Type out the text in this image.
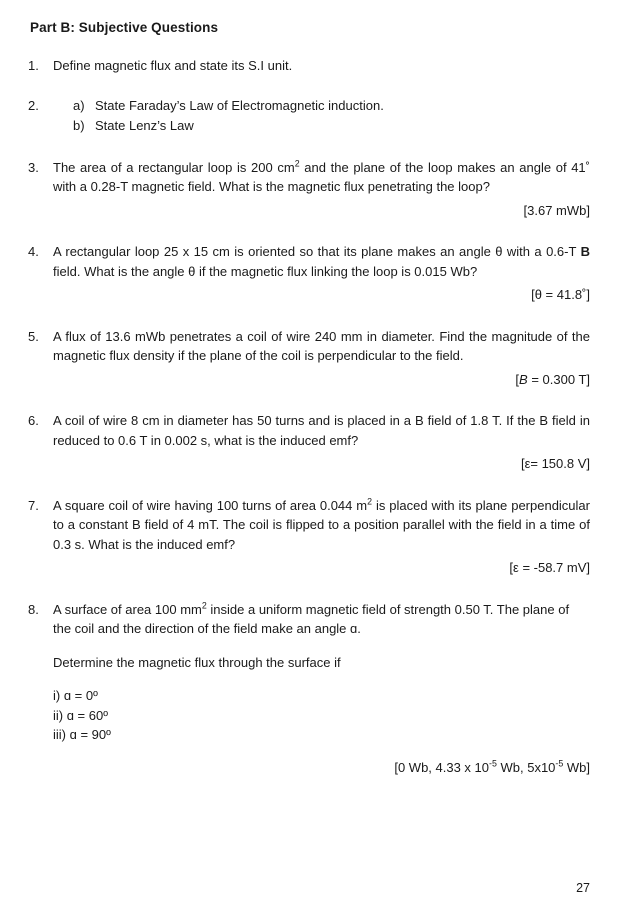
Part B: Subjective Questions
1. Define magnetic flux and state its S.I unit.
2.	a) State Faraday’s Law of Electromagnetic induction.
b) State Lenz’s Law
3. The area of a rectangular loop is 200 $cm^2$ and the plane of the loop makes an angle of 41˚ with a 0.28-T magnetic field. What is the magnetic flux penetrating the loop?
[3.67 mWb]
4. A rectangular loop 25 x 15 cm is oriented so that its plane makes an angle θ with a 0.6-T B field. What is the angle θ if the magnetic flux linking the loop is 0.015 Wb?
[θ = 41.8˚]
5. A flux of 13.6 mWb penetrates a coil of wire 240 mm in diameter. Find the magnitude of the magnetic flux density if the plane of the coil is perpendicular to the field.
[B = 0.300 T]
6. A coil of wire 8 cm in diameter has 50 turns and is placed in a B field of 1.8 T. If the B field in reduced to 0.6 T in 0.002 s, what is the induced emf?
[ε= 150.8 V]
7. A square coil of wire having 100 turns of area 0.044 $m^2$ is placed with its plane perpendicular to a constant B field of 4 mT. The coil is flipped to a position parallel with the field in a time of 0.3 s. What is the induced emf?
[ε = -58.7 mV]
8. A surface of area 100 $mm^2$ inside a uniform magnetic field of strength 0.50 T. The plane of the coil and the direction of the field make an angle ɑ.
Determine the magnetic flux through the surface if
i) ɑ = 0º
ii) ɑ = 60º
iii) ɑ = 90º
[0 Wb, 4.33 x $10^{-5}$ Wb, $5x10^{-5}$ Wb]
27
